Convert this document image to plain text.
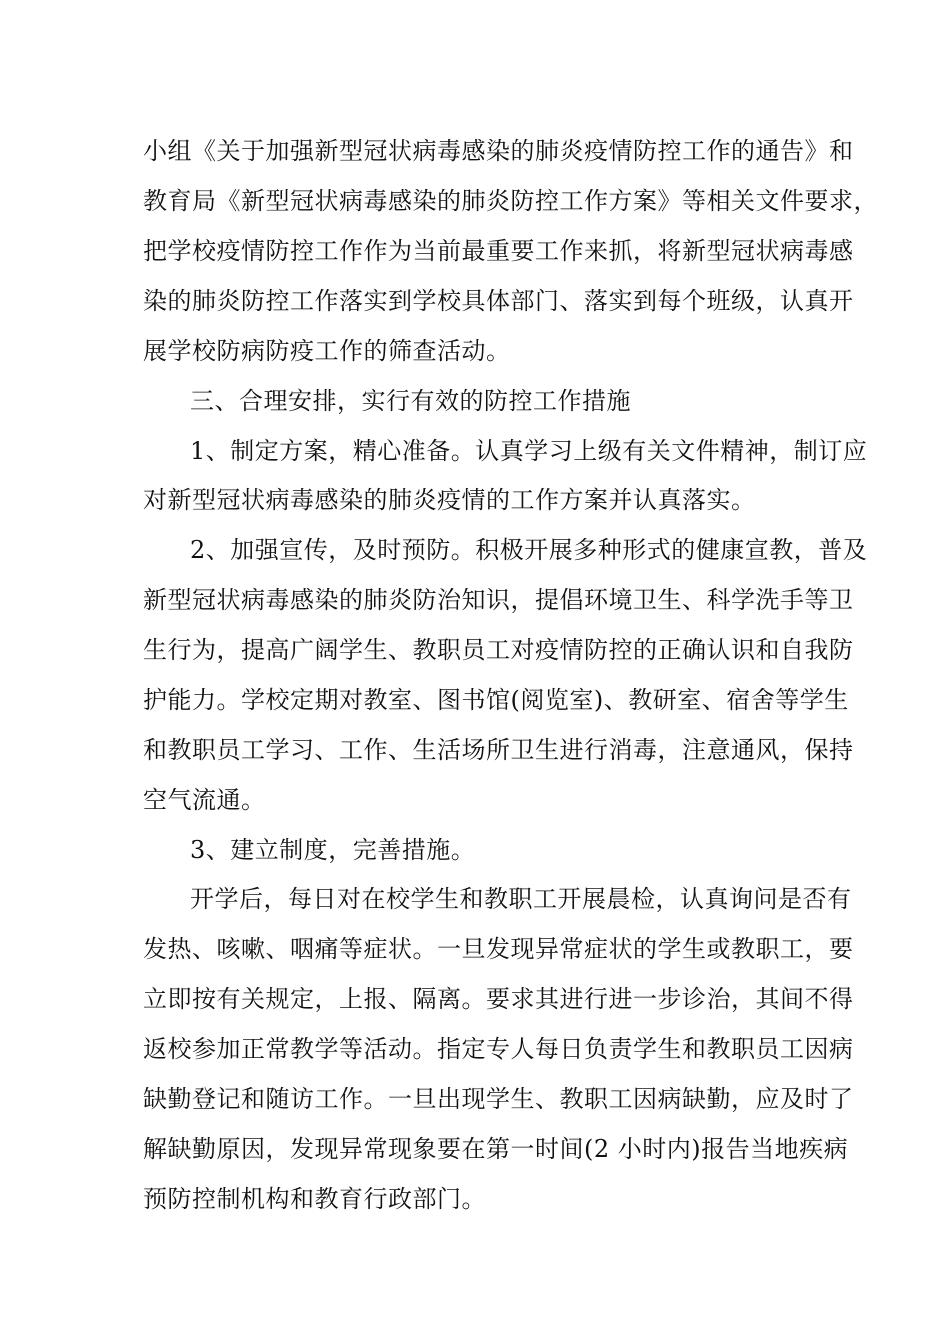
小组《关于加强新型冠状病毒感染的肺炎疫情防控工作的通告》和
教育局《新型冠状病毒感染的肺炎防控工作方案》等相关文件要求，
把学校疫情防控工作作为当前最重要工作来抓，将新型冠状病毒感
染的肺炎防控工作落实到学校具体部门、落实到每个班级，认真开
展学校防病防疫工作的筛查活动。
三、合理安排，实行有效的防控工作措施
1、制定方案，精心准备。认真学习上级有关文件精神，制订应
对新型冠状病毒感染的肺炎疫情的工作方案并认真落实。
2、加强宣传，及时预防。积极开展多种形式的健康宣教，普及
新型冠状病毒感染的肺炎防治知识，提倡环境卫生、科学洗手等卫
生行为，提高广阔学生、教职员工对疫情防控的正确认识和自我防
护能力。学校定期对教室、图书馆(阅览室)、教研室、宿舍等学生
和教职员工学习、工作、生活场所卫生进行消毒，注意通风，保持
空气流通。
3、建立制度，完善措施。
开学后，每日对在校学生和教职工开展晨检，认真询问是否有
发热、咳嗽、咽痛等症状。一旦发现异常症状的学生或教职工，要
立即按有关规定，上报、隔离。要求其进行进一步诊治，其间不得
返校参加正常教学等活动。指定专人每日负责学生和教职员工因病
缺勤登记和随访工作。一旦出现学生、教职工因病缺勤，应及时了
解缺勤原因，发现异常现象要在第一时间(2 小时内)报告当地疾病
预防控制机构和教育行政部门。
